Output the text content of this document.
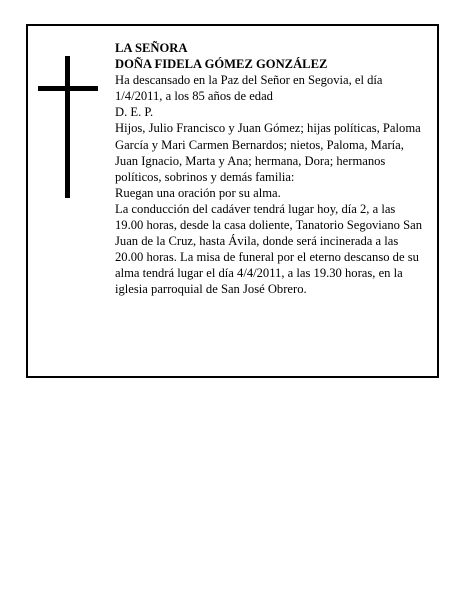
LA SEÑORA

DOÑA FIDELA GÓMEZ GONZÁLEZ

Ha descansado en la Paz del Señor en Segovia, el día 1/4/2011, a los 85 años de edad

D. E. P.

Hijos, Julio Francisco y Juan Gómez; hijas políticas, Paloma García y Mari Carmen Bernardos; nietos, Paloma, María, Juan Ignacio, Marta y Ana; hermana, Dora; hermanos políticos, sobrinos y demás familia:

Ruegan una oración por su alma.

La conducción del cadáver tendrá lugar hoy, día 2, a las 19.00 horas, desde la casa doliente, Tanatorio Segoviano San Juan de la Cruz, hasta Ávila, donde será incinerada a las 20.00 horas. La misa de funeral por el eterno descanso de su alma tendrá lugar el día 4/4/2011, a las 19.30 horas, en la iglesia parroquial de San José Obrero.
